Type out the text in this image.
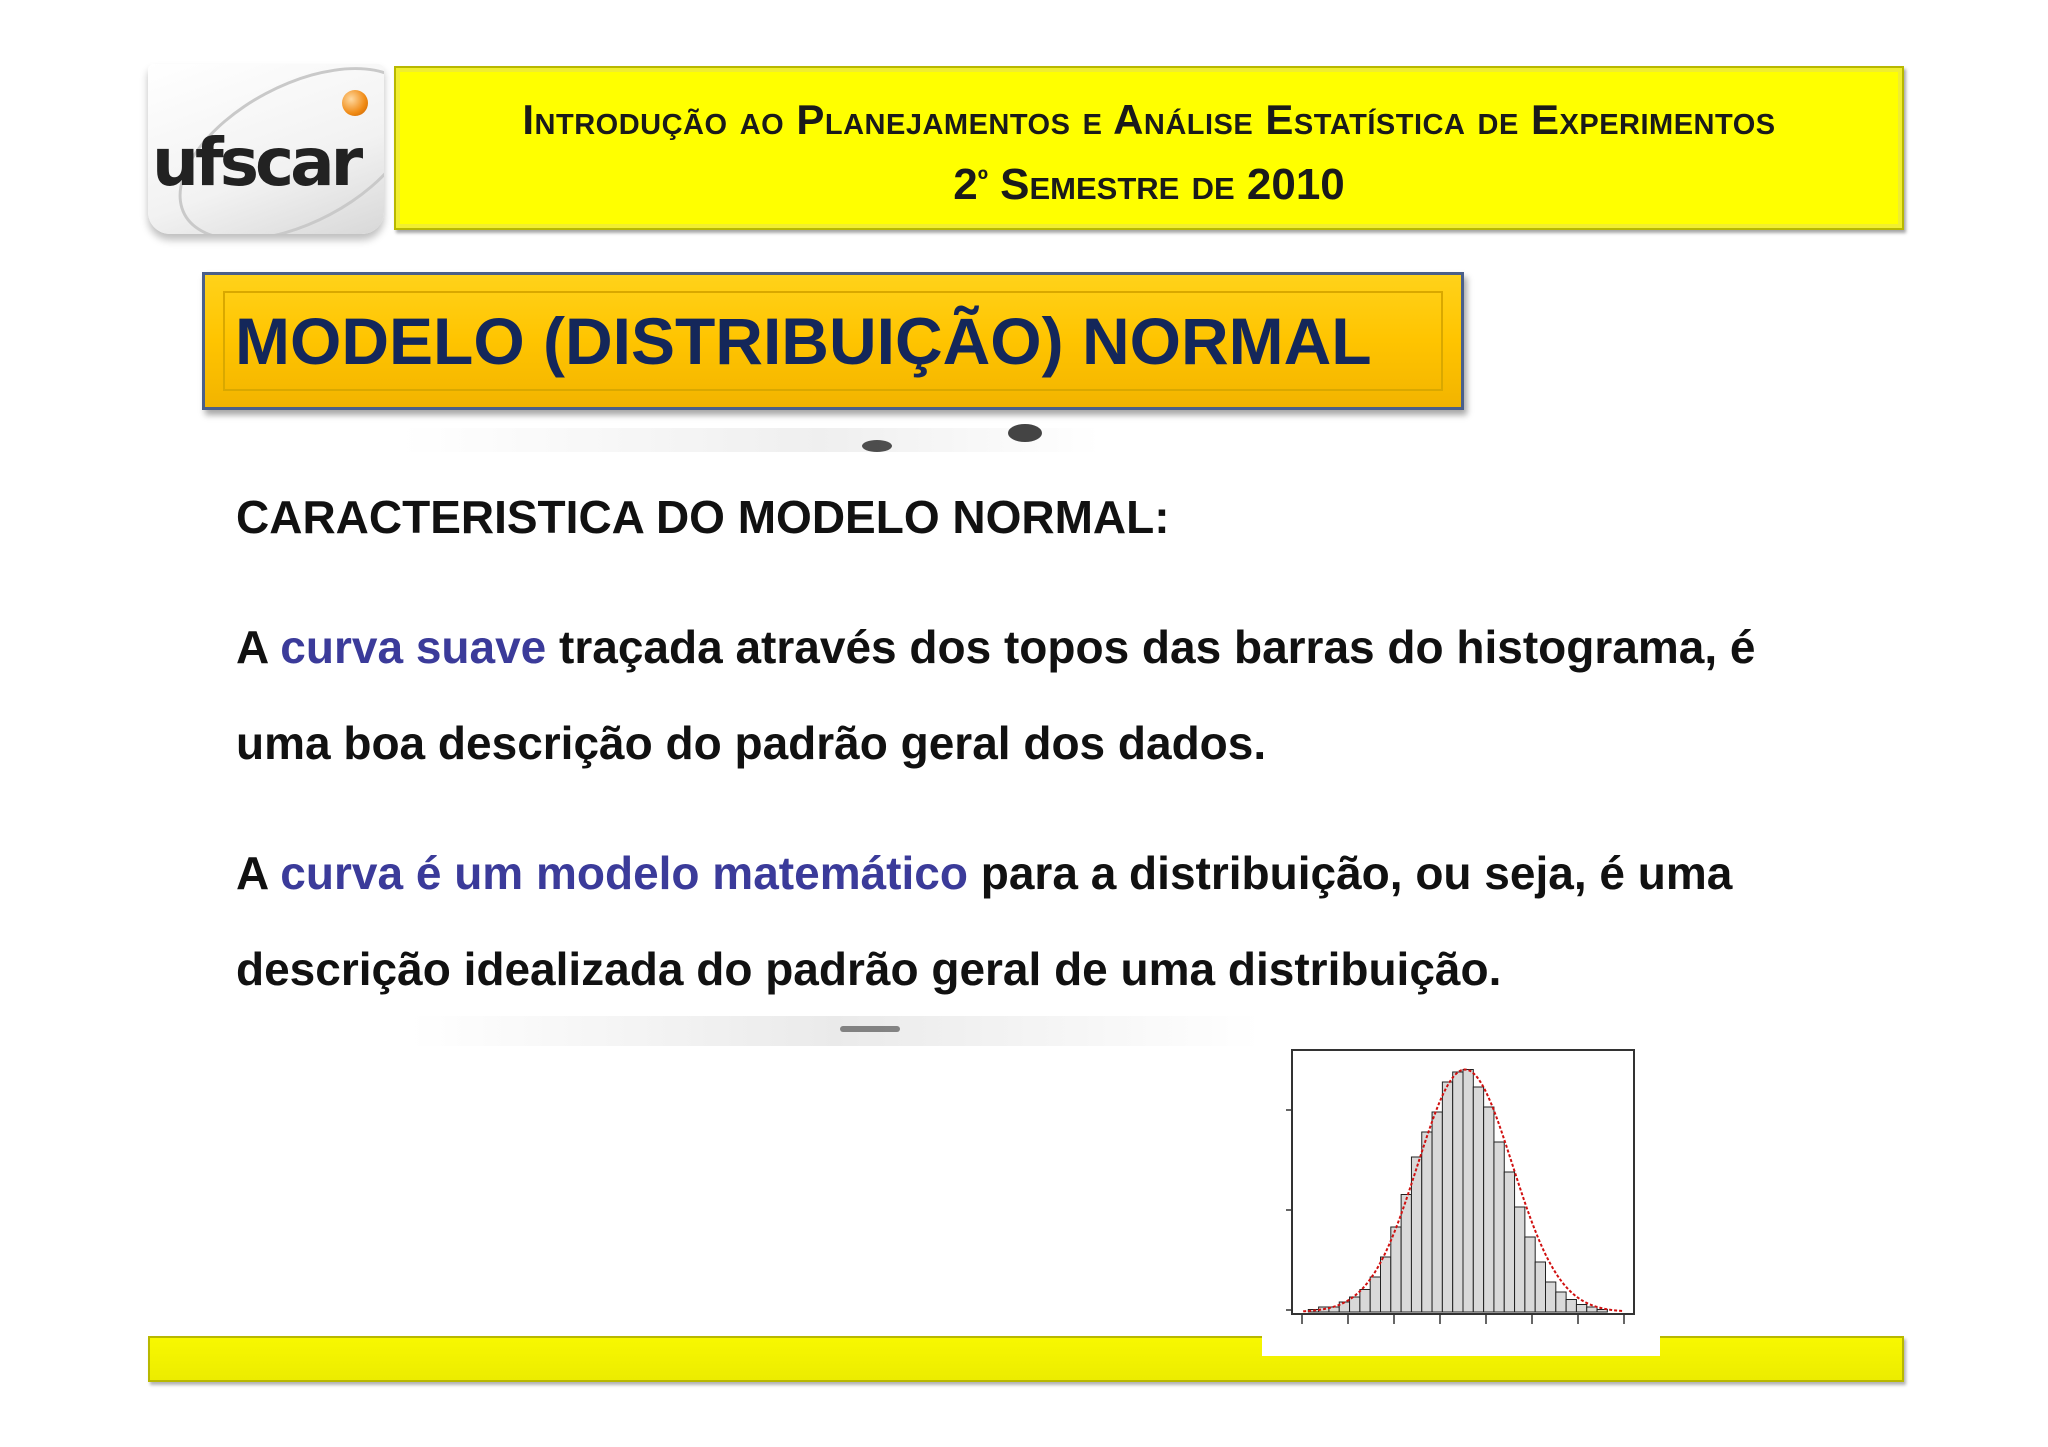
ufscar
Introdução ao Planejamentos e Análise Estatística de Experimentos
$2^º$ Semestre de 2010
MODELO (DISTRIBUIÇÃO) NORMAL
CARACTERISTICA DO MODELO NORMAL:
A curva suave traçada através dos topos das barras do histograma, é
uma boa descrição do padrão geral dos dados.
A curva é um modelo matemático para a distribuição, ou seja, é uma
descrição idealizada do padrão geral de uma distribuição.
